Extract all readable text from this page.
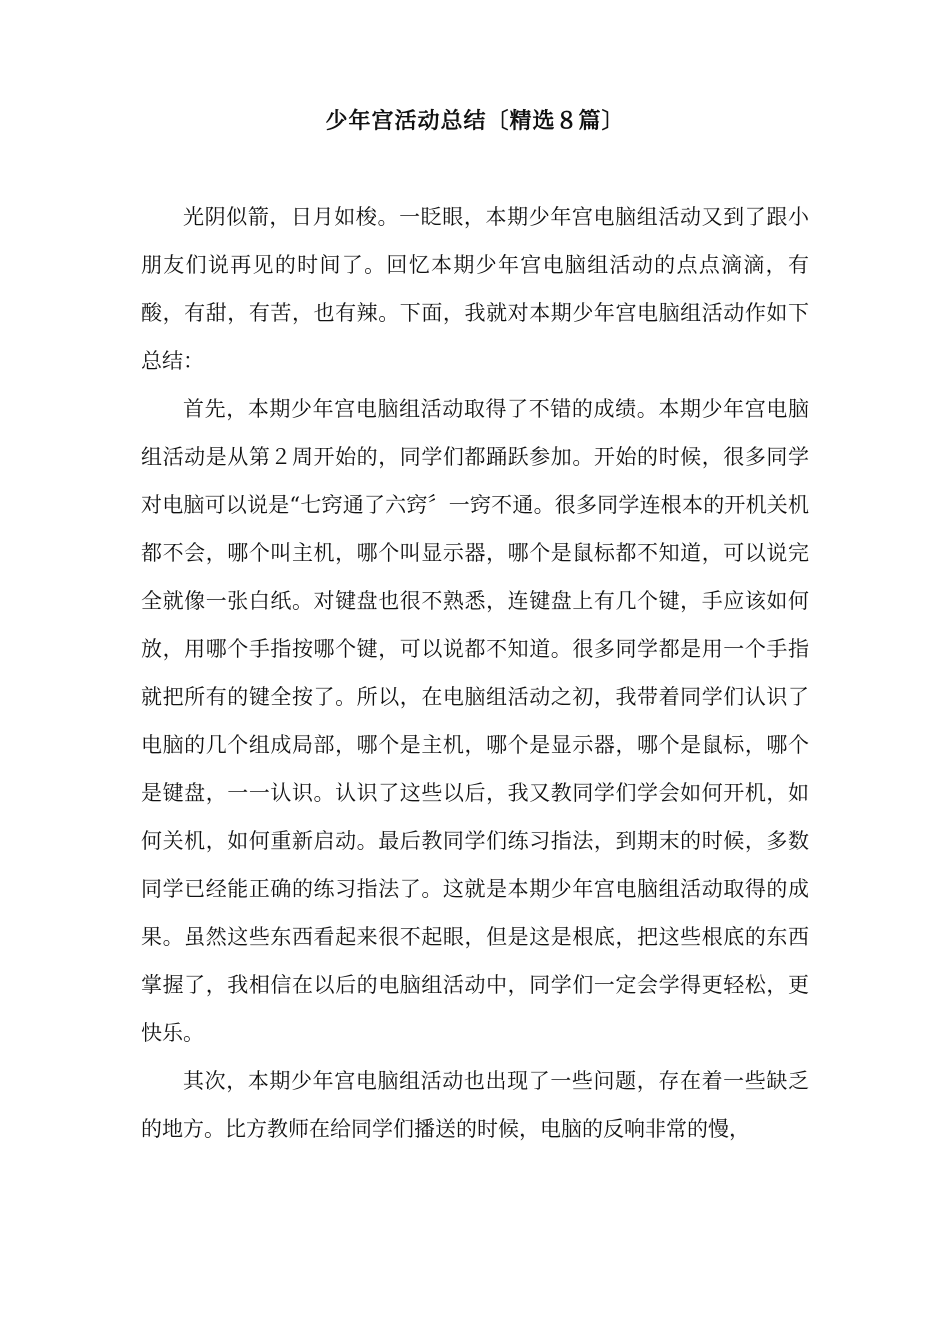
少年宫活动总结〔精选８篇〕

光阴似箭，日月如梭。一眨眼，本期少年宫电脑组活动又到了跟小朋友们说再见的时间了。回忆本期少年宫电脑组活动的点点滴滴，有酸，有甜，有苦，也有辣。下面，我就对本期少年宫电脑组活动作如下总结：

首先，本期少年宫电脑组活动取得了不错的成绩。本期少年宫电脑组活动是从第２周开始的，同学们都踊跃参加。开始的时候，很多同学对电脑可以说是“七窍通了六窍〞一窍不通。很多同学连根本的开机关机都不会，哪个叫主机，哪个叫显示器，哪个是鼠标都不知道，可以说完全就像一张白纸。对键盘也很不熟悉，连键盘上有几个键，手应该如何放，用哪个手指按哪个键，可以说都不知道。很多同学都是用一个手指就把所有的键全按了。所以，在电脑组活动之初，我带着同学们认识了电脑的几个组成局部，哪个是主机，哪个是显示器，哪个是鼠标，哪个是键盘，一一认识。认识了这些以后，我又教同学们学会如何开机，如何关机，如何重新启动。最后教同学们练习指法，到期末的时候，多数同学已经能正确的练习指法了。这就是本期少年宫电脑组活动取得的成果。虽然这些东西看起来很不起眼，但是这是根底，把这些根底的东西掌握了，我相信在以后的电脑组活动中，同学们一定会学得更轻松，更快乐。

其次，本期少年宫电脑组活动也出现了一些问题，存在着一些缺乏的地方。比方教师在给同学们播送的时候，电脑的反响非常的慢，
